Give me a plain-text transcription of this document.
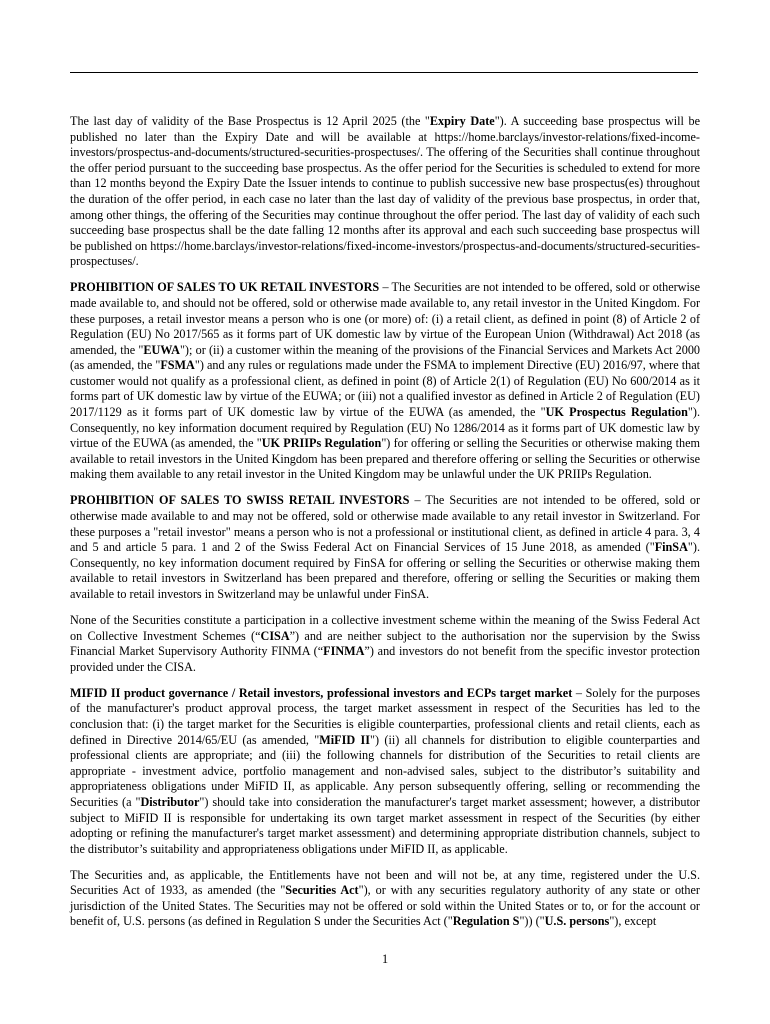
The last day of validity of the Base Prospectus is 12 April 2025 (the "Expiry Date"). A succeeding base prospectus will be published no later than the Expiry Date and will be available at https://home.barclays/investor-relations/fixed-income-investors/prospectus-and-documents/structured-securities-prospectuses/. The offering of the Securities shall continue throughout the offer period pursuant to the succeeding base prospectus. As the offer period for the Securities is scheduled to extend for more than 12 months beyond the Expiry Date the Issuer intends to continue to publish successive new base prospectus(es) throughout the duration of the offer period, in each case no later than the last day of validity of the previous base prospectus, in order that, among other things, the offering of the Securities may continue throughout the offer period. The last day of validity of each such succeeding base prospectus shall be the date falling 12 months after its approval and each such succeeding base prospectus will be published on https://home.barclays/investor-relations/fixed-income-investors/prospectus-and-documents/structured-securities-prospectuses/.

PROHIBITION OF SALES TO UK RETAIL INVESTORS – The Securities are not intended to be offered, sold or otherwise made available to, and should not be offered, sold or otherwise made available to, any retail investor in the United Kingdom. For these purposes, a retail investor means a person who is one (or more) of: (i) a retail client, as defined in point (8) of Article 2 of Regulation (EU) No 2017/565 as it forms part of UK domestic law by virtue of the European Union (Withdrawal) Act 2018 (as amended, the "EUWA"); or (ii) a customer within the meaning of the provisions of the Financial Services and Markets Act 2000 (as amended, the "FSMA") and any rules or regulations made under the FSMA to implement Directive (EU) 2016/97, where that customer would not qualify as a professional client, as defined in point (8) of Article 2(1) of Regulation (EU) No 600/2014 as it forms part of UK domestic law by virtue of the EUWA; or (iii) not a qualified investor as defined in Article 2 of Regulation (EU) 2017/1129 as it forms part of UK domestic law by virtue of the EUWA (as amended, the "UK Prospectus Regulation"). Consequently, no key information document required by Regulation (EU) No 1286/2014 as it forms part of UK domestic law by virtue of the EUWA (as amended, the "UK PRIIPs Regulation") for offering or selling the Securities or otherwise making them available to retail investors in the United Kingdom has been prepared and therefore offering or selling the Securities or otherwise making them available to any retail investor in the United Kingdom may be unlawful under the UK PRIIPs Regulation.

PROHIBITION OF SALES TO SWISS RETAIL INVESTORS – The Securities are not intended to be offered, sold or otherwise made available to and may not be offered, sold or otherwise made available to any retail investor in Switzerland. For these purposes a "retail investor" means a person who is not a professional or institutional client, as defined in article 4 para. 3, 4 and 5 and article 5 para. 1 and 2 of the Swiss Federal Act on Financial Services of 15 June 2018, as amended ("FinSA"). Consequently, no key information document required by FinSA for offering or selling the Securities or otherwise making them available to retail investors in Switzerland has been prepared and therefore, offering or selling the Securities or making them available to retail investors in Switzerland may be unlawful under FinSA.

None of the Securities constitute a participation in a collective investment scheme within the meaning of the Swiss Federal Act on Collective Investment Schemes (“CISA”) and are neither subject to the authorisation nor the supervision by the Swiss Financial Market Supervisory Authority FINMA (“FINMA”) and investors do not benefit from the specific investor protection provided under the CISA.

MIFID II product governance / Retail investors, professional investors and ECPs target market – Solely for the purposes of the manufacturer's product approval process, the target market assessment in respect of the Securities has led to the conclusion that: (i) the target market for the Securities is eligible counterparties, professional clients and retail clients, each as defined in Directive 2014/65/EU (as amended, "MiFID II") (ii) all channels for distribution to eligible counterparties and professional clients are appropriate; and (iii) the following channels for distribution of the Securities to retail clients are appropriate - investment advice, portfolio management and non-advised sales, subject to the distributor’s suitability and appropriateness obligations under MiFID II, as applicable. Any person subsequently offering, selling or recommending the Securities (a "Distributor") should take into consideration the manufacturer's target market assessment; however, a distributor subject to MiFID II is responsible for undertaking its own target market assessment in respect of the Securities (by either adopting or refining the manufacturer's target market assessment) and determining appropriate distribution channels, subject to the distributor’s suitability and appropriateness obligations under MiFID II, as applicable.

The Securities and, as applicable, the Entitlements have not been and will not be, at any time, registered under the U.S. Securities Act of 1933, as amended (the "Securities Act"), or with any securities regulatory authority of any state or other jurisdiction of the United States. The Securities may not be offered or sold within the United States or to, or for the account or benefit of, U.S. persons (as defined in Regulation S under the Securities Act ("Regulation S")) ("U.S. persons"), except

1
